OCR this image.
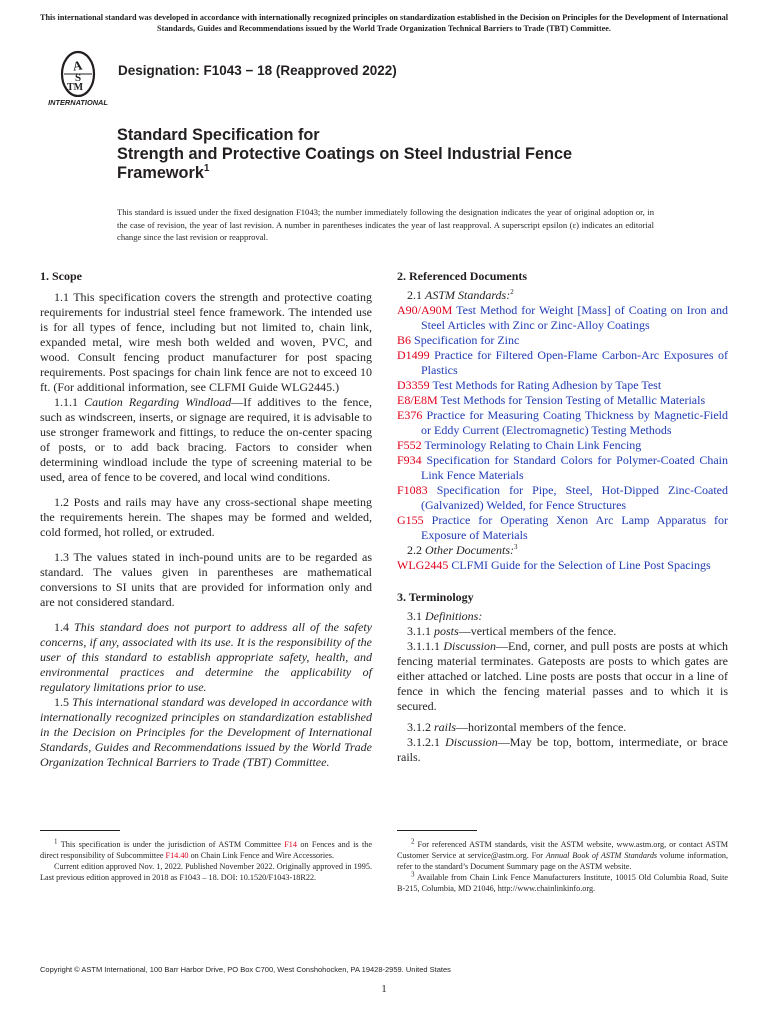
This international standard was developed in accordance with internationally recognized principles on standardization established in the Decision on Principles for the Development of International Standards, Guides and Recommendations issued by the World Trade Organization Technical Barriers to Trade (TBT) Committee.
A
S
TM
INTERNATIONAL
Designation: F1043 − 18 (Reapproved 2022)
Standard Specification for
Strength and Protective Coatings on Steel Industrial Fence
Framework$^1$
This standard is issued under the fixed designation F1043; the number immediately following the designation indicates the year of original adoption or, in the case of revision, the year of last revision. A number in parentheses indicates the year of last reapproval. A superscript epsilon (ε) indicates an editorial change since the last revision or reapproval.
1. Scope

1.1 This specification covers the strength and protective coating requirements for industrial steel fence framework. The intended use is for all types of fence, including but not limited to, chain link, expanded metal, wire mesh both welded and woven, PVC, and wood. Consult fencing product manufacturer for post spacing requirements. Post spacings for chain link fence are not to exceed 10 ft. (For additional information, see CLFMI Guide WLG2445.)

1.1.1 Caution Regarding Windload—If additives to the fence, such as windscreen, inserts, or signage are required, it is advisable to use stronger framework and fittings, to reduce the on-center spacing of posts, or to add back bracing. Factors to consider when determining windload include the type of screening material to be used, area of fence to be covered, and local wind conditions.

1.2 Posts and rails may have any cross-sectional shape meeting the requirements herein. The shapes may be formed and welded, cold formed, hot rolled, or extruded.

1.3 The values stated in inch-pound units are to be regarded as standard. The values given in parentheses are mathematical conversions to SI units that are provided for information only and are not considered standard.

1.4 This standard does not purport to address all of the safety concerns, if any, associated with its use. It is the responsibility of the user of this standard to establish appropriate safety, health, and environmental practices and determine the applicability of regulatory limitations prior to use.

1.5 This international standard was developed in accordance with internationally recognized principles on standardization established in the Decision on Principles for the Development of International Standards, Guides and Recommendations issued by the World Trade Organization Technical Barriers to Trade (TBT) Committee.

2. Referenced Documents
2.1 ASTM Standards:$^2$
A90/A90M Test Method for Weight [Mass] of Coating on Iron and Steel Articles with Zinc or Zinc-Alloy Coatings
B6 Specification for Zinc
D1499 Practice for Filtered Open-Flame Carbon-Arc Exposures of Plastics
D3359 Test Methods for Rating Adhesion by Tape Test
E8/E8M Test Methods for Tension Testing of Metallic Materials
E376 Practice for Measuring Coating Thickness by Magnetic-Field or Eddy Current (Electromagnetic) Testing Methods
F552 Terminology Relating to Chain Link Fencing
F934 Specification for Standard Colors for Polymer-Coated Chain Link Fence Materials
F1083 Specification for Pipe, Steel, Hot-Dipped Zinc-Coated (Galvanized) Welded, for Fence Structures
G155 Practice for Operating Xenon Arc Lamp Apparatus for Exposure of Materials
2.2 Other Documents:$^3$
WLG2445 CLFMI Guide for the Selection of Line Post Spacings
3. Terminology
3.1 Definitions:
3.1.1 posts—vertical members of the fence.

3.1.1.1 Discussion—End, corner, and pull posts are posts at which fencing material terminates. Gateposts are posts to which gates are either attached or latched. Line posts are posts that occur in a line of fence in which the fencing material passes and to which it is secured.

3.1.2 rails—horizontal members of the fence.

3.1.2.1 Discussion—May be top, bottom, intermediate, or brace rails.

$^1$ This specification is under the jurisdiction of ASTM Committee F14 on Fences and is the direct responsibility of Subcommittee F14.40 on Chain Link Fence and Wire Accessories.

Current edition approved Nov. 1, 2022. Published November 2022. Originally approved in 1995. Last previous edition approved in 2018 as F1043 – 18. DOI: 10.1520/F1043-18R22.

$^2$ For referenced ASTM standards, visit the ASTM website, www.astm.org, or contact ASTM Customer Service at service@astm.org. For Annual Book of ASTM Standards volume information, refer to the standard’s Document Summary page on the ASTM website.

$^3$ Available from Chain Link Fence Manufacturers Institute, 10015 Old Columbia Road, Suite B-215, Columbia, MD 21046, http://www.chainlinkinfo.org.

Copyright © ASTM International, 100 Barr Harbor Drive, PO Box C700, West Conshohocken, PA 19428-2959. United States
1
